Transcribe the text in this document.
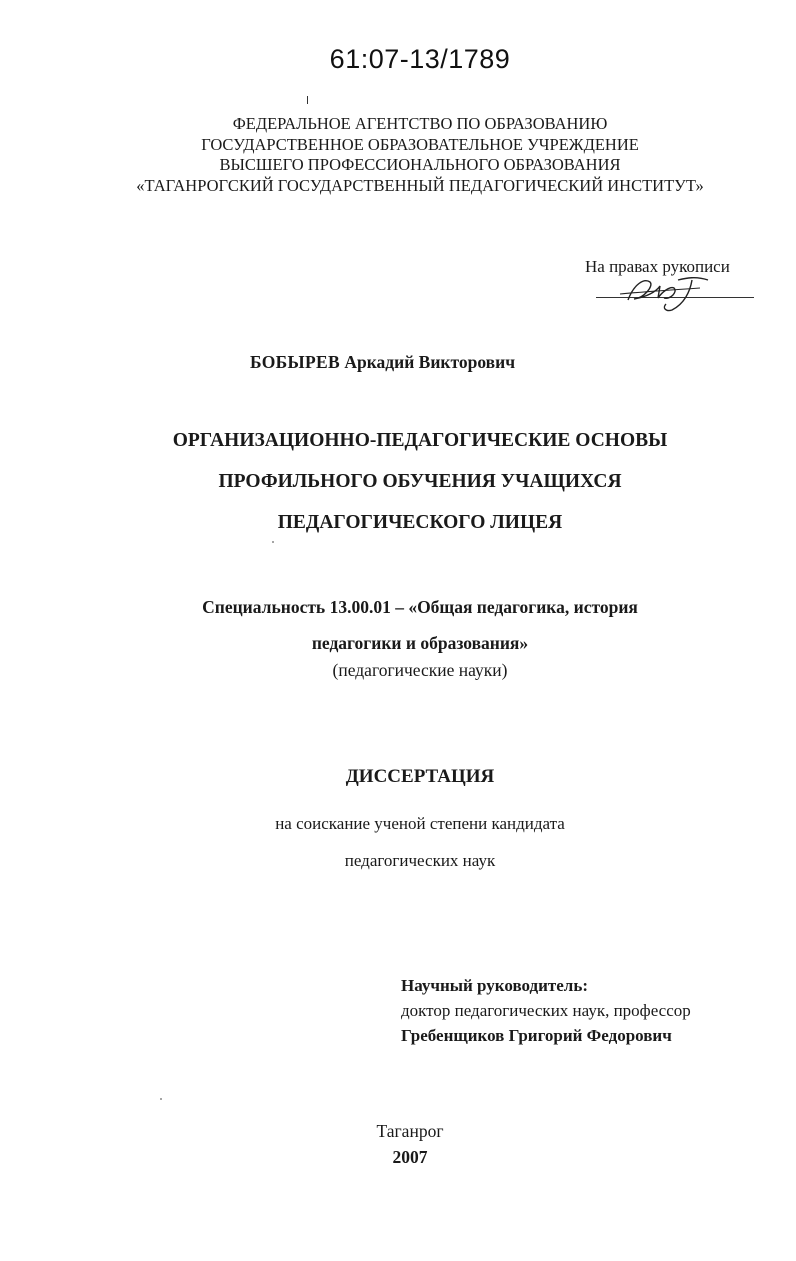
61:07-13/1789
ФЕДЕРАЛЬНОЕ АГЕНТСТВО ПО ОБРАЗОВАНИЮ
ГОСУДАРСТВЕННОЕ ОБРАЗОВАТЕЛЬНОЕ УЧРЕЖДЕНИЕ
ВЫСШЕГО ПРОФЕССИОНАЛЬНОГО ОБРАЗОВАНИЯ
«ТАГАНРОГСКИЙ ГОСУДАРСТВЕННЫЙ ПЕДАГОГИЧЕСКИЙ ИНСТИТУТ»
На правах рукописи
БОБЫРЕВ Аркадий Викторович
ОРГАНИЗАЦИОННО-ПЕДАГОГИЧЕСКИЕ ОСНОВЫ
ПРОФИЛЬНОГО ОБУЧЕНИЯ УЧАЩИХСЯ
ПЕДАГОГИЧЕСКОГО ЛИЦЕЯ
Специальность 13.00.01 – «Общая педагогика, история
педагогики и образования»
(педагогические науки)
ДИССЕРТАЦИЯ
на соискание ученой степени кандидата
педагогических наук
Научный руководитель:
доктор педагогических наук, профессор
Гребенщиков Григорий Федорович
Таганрог
2007
